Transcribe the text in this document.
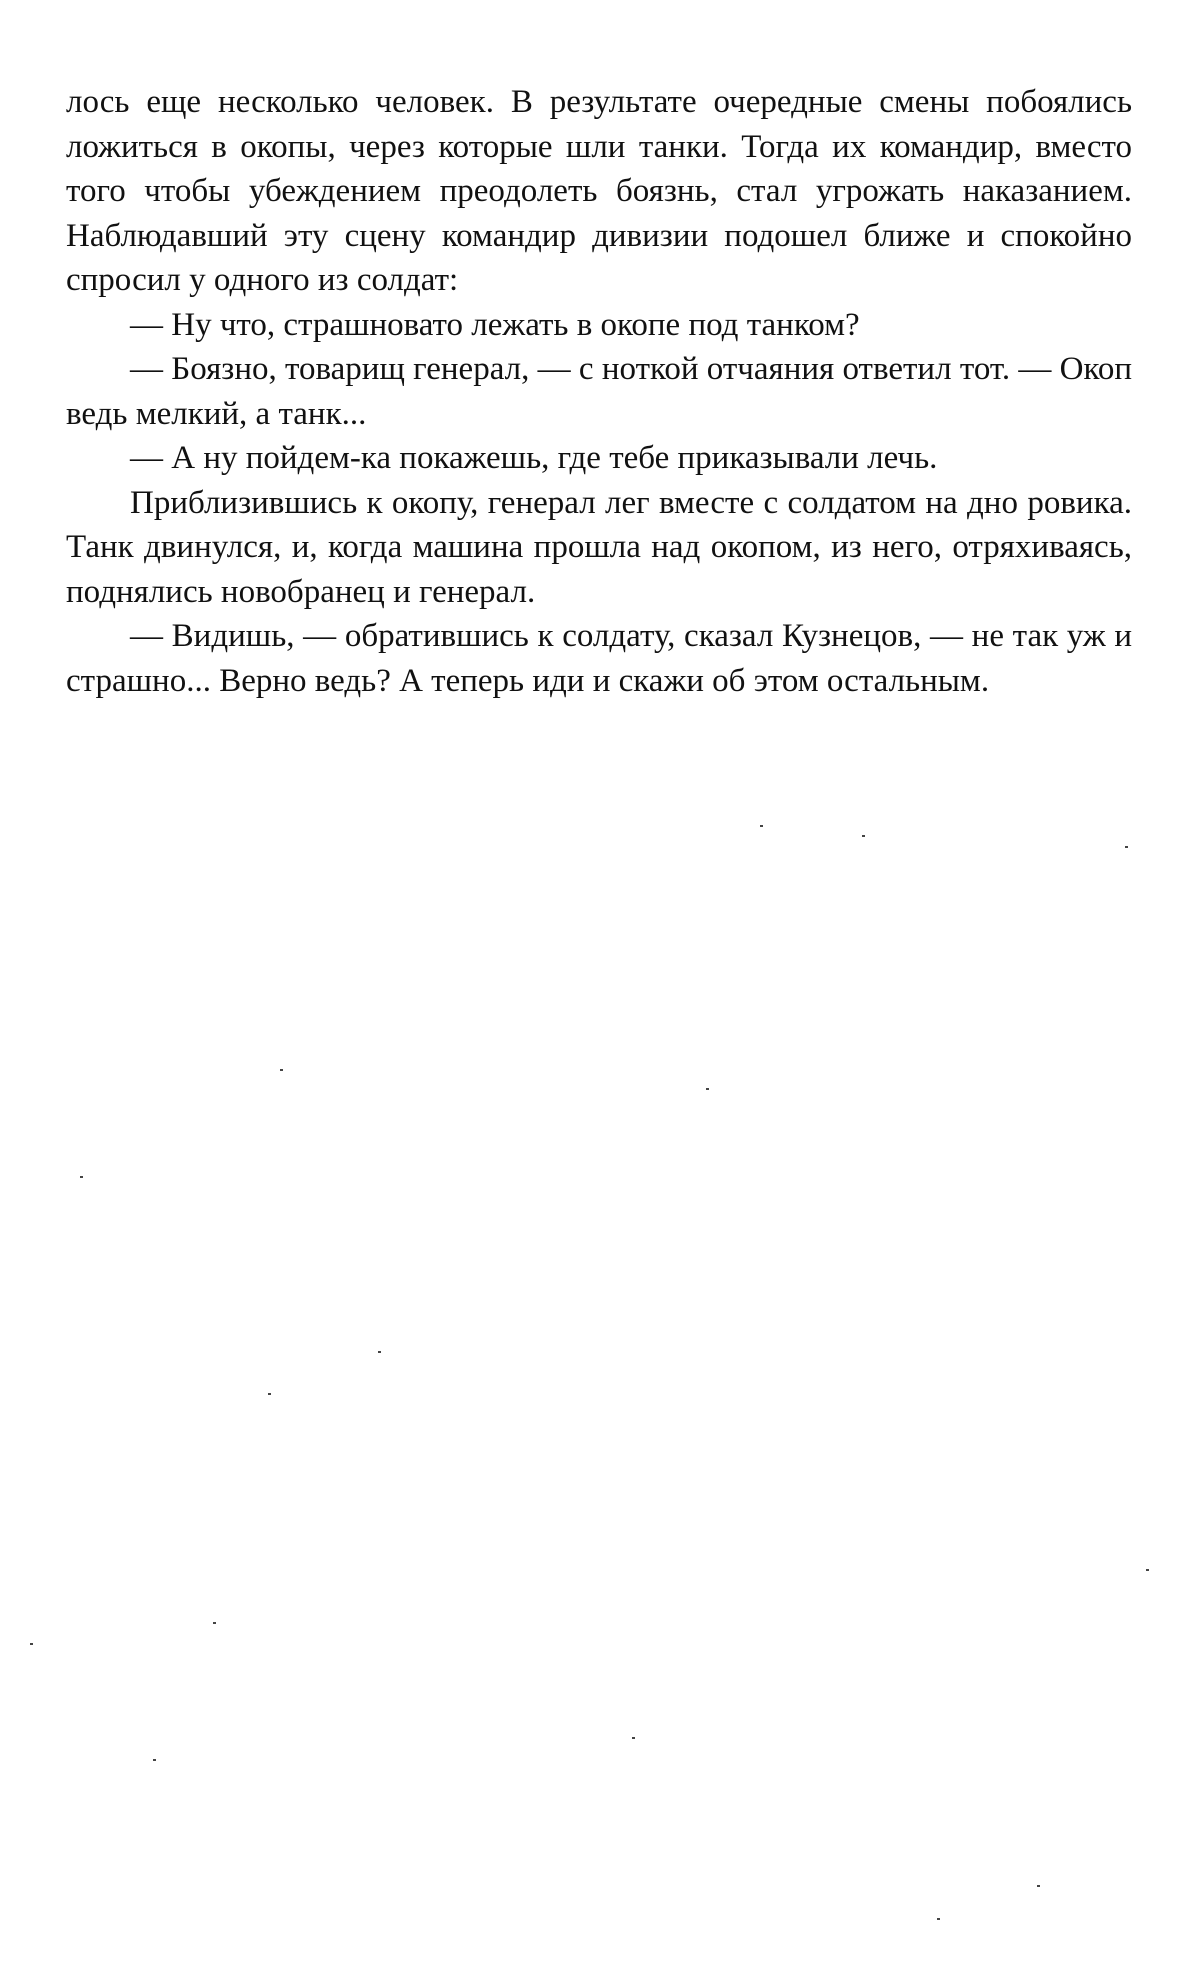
лось еще несколько человек. В результате очередные смены побоялись ложиться в окопы, через которые шли танки. Тогда их командир, вместо того чтобы убеждением преодолеть боязнь, стал угрожать наказанием. Наблюдавший эту сцену командир дивизии подошел ближе и спокойно спросил у одного из солдат:

— Ну что, страшновато лежать в окопе под танком?

— Боязно, товарищ генерал, — с ноткой отчаяния ответил тот. — Окоп ведь мелкий, а танк...

— А ну пойдем-ка покажешь, где тебе приказывали лечь.

Приблизившись к окопу, генерал лег вместе с солдатом на дно ровика. Танк двинулся, и, когда машина прошла над окопом, из него, отряхиваясь, поднялись новобранец и генерал.

— Видишь, — обратившись к солдату, сказал Кузнецов, — не так уж и страшно... Верно ведь? А теперь иди и скажи об этом остальным.
